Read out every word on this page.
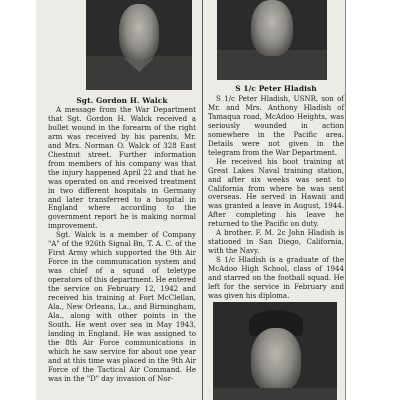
Sgt. Gordon H. Walck
S 1/c Peter Hladish

A message from the War Department that Sgt. Gordon H. Walck received a bullet wound in the forearm of the right arm was received by his parents, Mr. and Mrs. Norman O. Walck of 328 East Chestnut street. Further information from members of his company was that the injury happened April 22 and that he was operated on and received treatment in two different hospitals in Germany and later transferred to a hospital in England where according to the government report he is making normal improvement.

Sgt. Walck is a member of Company "A" of the 926th Signal Bn, T. A. C. of the First Army which supported the 9th Air Force in the communication system and was chief of a squad of teletype operators of this department. He entered the service on February 12, 1942 and received his training at Fort McClellan, Ala., New Orleans, La., and Birmingham, Ala., along with other points in the South. He went over sea in May 1943, landing in England. He was assigned to the 8th Air Force communications in which he saw service for about one year and at this time was placed in the 9th Air Force of the Tactical Air Command. He was in the "D" day invasion of Nor-

S 1/c Peter Hladish, USNR, son of Mr. and Mrs. Anthony Hladish of Tamaqua road, McAdoo Heights, was seriously wounded in action somewhere in the Pacific area. Details were not given in the telegram from the War Department.

He received his boot training at Great Lakes Naval training station, and after six weeks was sent to California from where he was sent overseas. He served in Hawaii and was granted a leave in August, 1944. After completing his leave he returned to the Pacific on duty.

A brother, F. M. 2c John Hladish is stationed in San Diego, California, with the Navy.

S 1/c Hladish is a graduate of the McAdoo High School, class of 1944 and starred on the football squad. He left for the service in February and was given his diploma.
